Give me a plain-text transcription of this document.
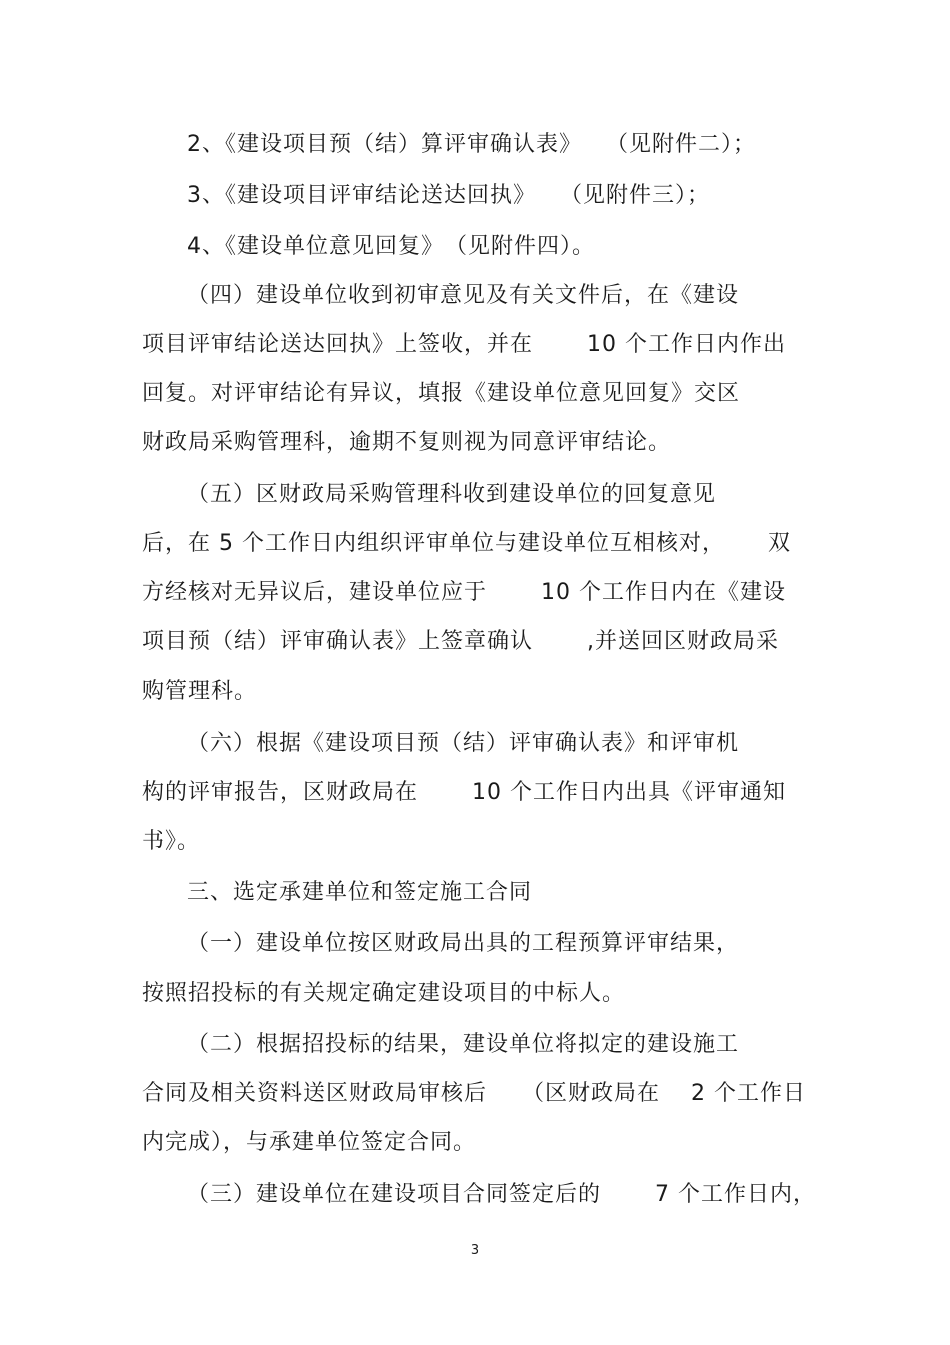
2、《建设项目预（结）算评审确认表》　　（见附件二）；
3、《建设项目评审结论送达回执》　　（见附件三）；
4、《建设单位意见回复》　（见附件四）。
（四）建设单位收到初审意见及有关文件后，在《建设
项目评审结论送达回执》上签收，并在　　 10 个工作日内作出
回复。对评审结论有异议，填报《建设单位意见回复》交区
财政局采购管理科，逾期不复则视为同意评审结论。
（五）区财政局采购管理科收到建设单位的回复意见
后，在 5 个工作日内组织评审单位与建设单位互相核对，　　 双
方经核对无异议后，建设单位应于　　 10 个工作日内在《建设
项目预（结）评审确认表》上签章确认　　 ,并送回区财政局采
购管理科。
（六）根据《建设项目预（结）评审确认表》和评审机
构的评审报告，区财政局在　　 10 个工作日内出具《评审通知
书》。
三、选定承建单位和签定施工合同
（一）建设单位按区财政局出具的工程预算评审结果，
按照招投标的有关规定确定建设项目的中标人。
（二）根据招投标的结果，建设单位将拟定的建设施工
合同及相关资料送区财政局审核后　　（区财政局在　 2 个工作日
内完成），与承建单位签定合同。
（三）建设单位在建设项目合同签定后的　　 7 个工作日内，
3
